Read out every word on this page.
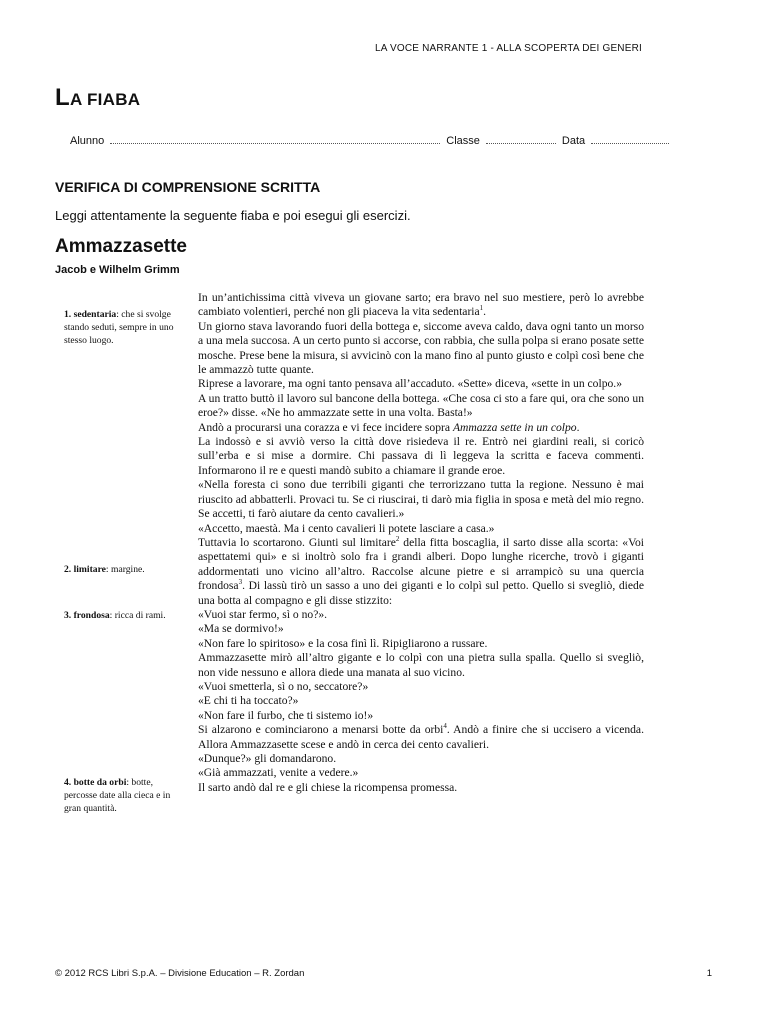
LA VOCE NARRANTE 1 - ALLA SCOPERTA DEI GENERI
LA FIABA
Alunno	Classe	Data
VERIFICA DI COMPRENSIONE SCRITTA
Leggi attentamente la seguente fiaba e poi esegui gli esercizi.
Ammazzasette
Jacob e Wilhelm Grimm
1. sedentaria: che si svolge stando seduti, sempre in uno stesso luogo.
2. limitare: margine.
3. frondosa: ricca di rami.
4. botte da orbi: botte, percosse date alla cieca e in gran quantità.

In un’antichissima città viveva un giovane sarto; era bravo nel suo mestiere, però lo avrebbe cambiato volentieri, perché non gli piaceva la vita sedentaria$^1$.

Un giorno stava lavorando fuori della bottega e, siccome aveva caldo, dava ogni tanto un morso a una mela succosa. A un certo punto si accorse, con rabbia, che sulla polpa si erano posate sette mosche. Prese bene la misura, si avvicinò con la mano fino al punto giusto e colpì così bene che le ammazzò tutte quante.

Riprese a lavorare, ma ogni tanto pensava all’accaduto. «Sette» diceva, «sette in un colpo.»

A un tratto buttò il lavoro sul bancone della bottega. «Che cosa ci sto a fare qui, ora che sono un eroe?» disse. «Ne ho ammazzate sette in una volta. Basta!»

Andò a procurarsi una corazza e vi fece incidere sopra Ammazza sette in un colpo.

La indossò e si avviò verso la città dove risiedeva il re. Entrò nei giardini reali, si coricò sull’erba e si mise a dormire. Chi passava di lì leggeva la scritta e faceva commenti. Informarono il re e questi mandò subito a chiamare il grande eroe.

«Nella foresta ci sono due terribili giganti che terrorizzano tutta la regione. Nessuno è mai riuscito ad abbatterli. Provaci tu. Se ci riuscirai, ti darò mia figlia in sposa e metà del mio regno. Se accetti, ti farò aiutare da cento cavalieri.»

«Accetto, maestà. Ma i cento cavalieri li potete lasciare a casa.»

Tuttavia lo scortarono. Giunti sul limitare$^2$ della fitta boscaglia, il sarto disse alla scorta: «Voi aspettatemi qui» e si inoltrò solo fra i grandi alberi. Dopo lunghe ricerche, trovò i giganti addormentati uno vicino all’altro. Raccolse alcune pietre e si arrampicò su una quercia frondosa$^3$. Di lassù tirò un sasso a uno dei giganti e lo colpì sul petto. Quello si svegliò, diede una botta al compagno e gli disse stizzito:

«Vuoi star fermo, sì o no?».

«Ma se dormivo!»

«Non fare lo spiritoso» e la cosa finì lì. Ripigliarono a russare.

Ammazzasette mirò all’altro gigante e lo colpì con una pietra sulla spalla. Quello si svegliò, non vide nessuno e allora diede una manata al suo vicino.

«Vuoi smetterla, sì o no, seccatore?»

«E chi ti ha toccato?»

«Non fare il furbo, che ti sistemo io!»

Si alzarono e cominciarono a menarsi botte da orbi$^4$. Andò a finire che si uccisero a vicenda. Allora Ammazzasette scese e andò in cerca dei cento cavalieri.

«Dunque?» gli domandarono.

«Già ammazzati, venite a vedere.»

Il sarto andò dal re e gli chiese la ricompensa promessa.

© 2012 RCS Libri S.p.A. – Divisione Education – R. Zordan	1
